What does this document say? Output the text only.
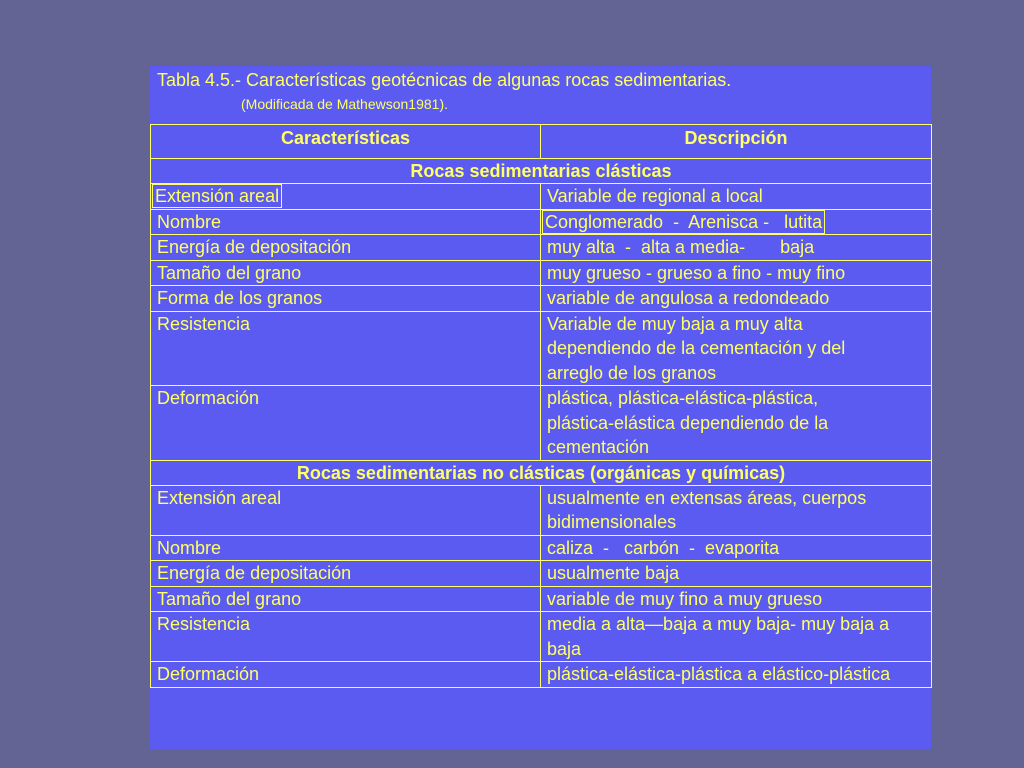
Tabla 4.5.- Características geotécnicas de algunas rocas sedimentarias.
(Modificada de Mathewson1981).
Características	Descripción
Rocas sedimentarias clásticas	
Extensión areal	Variable de regional a local
Nombre	Conglomerado  -  Arenisca -   lutita
Energía de depositación	muy alta  -  alta a media-       baja
Tamaño del grano	muy grueso - grueso a fino - muy fino
Forma de los granos	variable de angulosa a redondeado
Resistencia	Variable de muy baja a muy alta dependiendo de la cementación y del arreglo de los granos
Deformación	plástica, plástica-elástica-plástica, plástica-elástica dependiendo de la cementación
Rocas sedimentarias no clásticas (orgánicas y químicas)	
Extensión areal	usualmente en extensas áreas, cuerpos bidimensionales
Nombre	caliza  -   carbón  -  evaporita
Energía de depositación	usualmente baja
Tamaño del grano	variable de muy fino a muy grueso
Resistencia	media a alta—baja a muy baja- muy baja a baja
Deformación	plástica-elástica-plástica a elástico-plástica
